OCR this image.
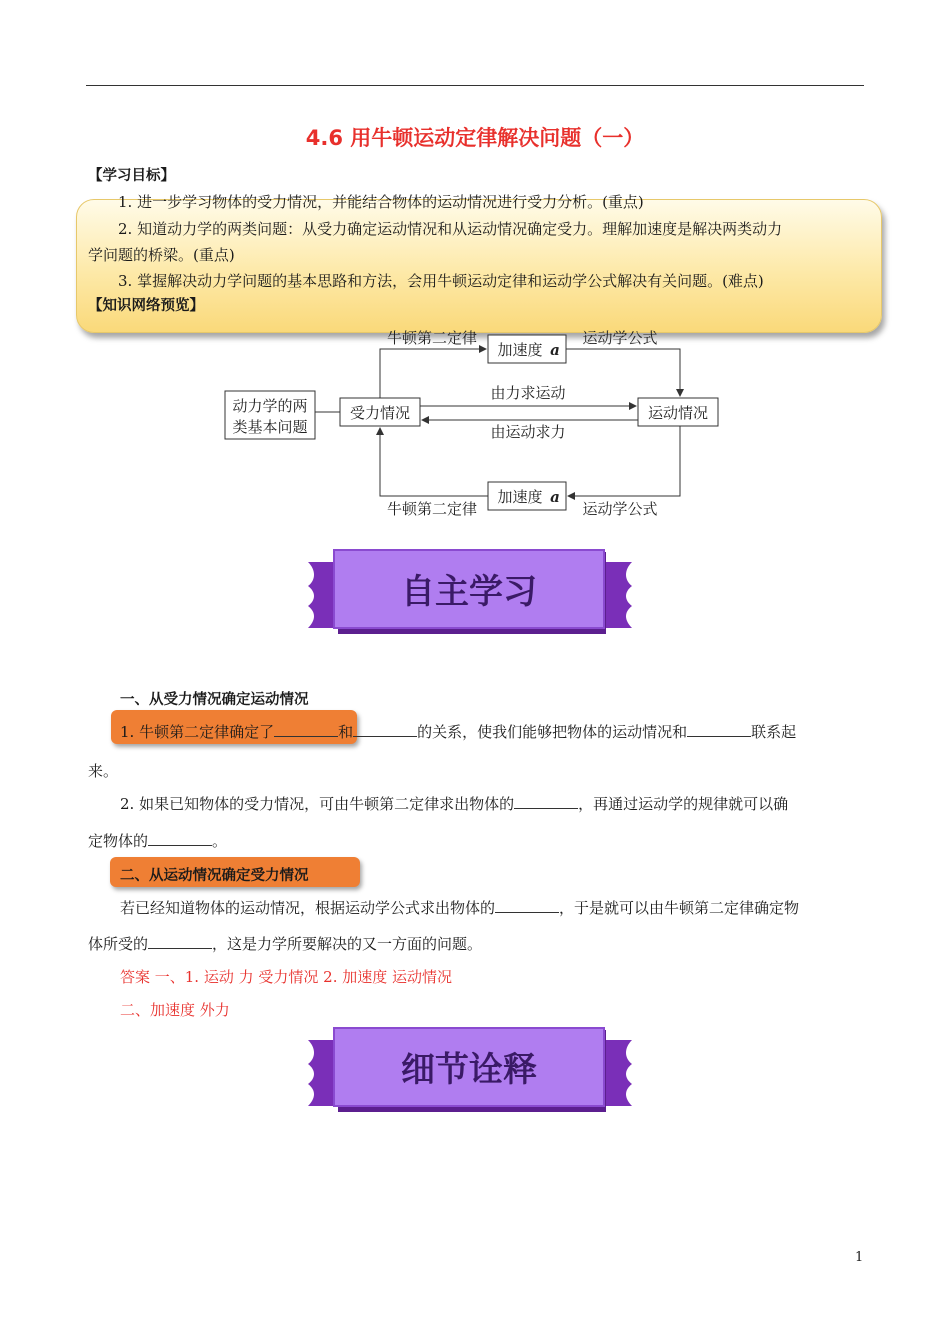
4.6 用牛顿运动定律解决问题（一）
【学习目标】
1. 进一步学习物体的受力情况，并能结合物体的运动情况进行受力分析。(重点)
2. 知道动力学的两类问题：从受力确定运动情况和从运动情况确定受力。理解加速度是解决两类动力
学问题的桥梁。(重点)
3. 掌握解决动力学问题的基本思路和方法，会用牛顿运动定律和运动学公式解决有关问题。(难点)
【知识网络预览】
动力学的两
类基本问题
受力情况	运动情况
加速度 a
加速度 a
由力求运动
由运动求力
牛顿第二定律	运动学公式
牛顿第二定律	运动学公式
自主学习
一、从受力情况确定运动情况
1. 牛顿第二定律确定了	和	的关系，使我们能够把物体的运动情况和	联系起
来。
2. 如果已知物体的受力情况，可由牛顿第二定律求出物体的	，再通过运动学的规律就可以确
定物体的	。
二、从运动情况确定受力情况
若已经知道物体的运动情况，根据运动学公式求出物体的	，于是就可以由牛顿第二定律确定物
体所受的	，这是力学所要解决的又一方面的问题。
答案 一、1. 运动 力 受力情况 2. 加速度 运动情况
二、加速度 外力
细节诠释
1
